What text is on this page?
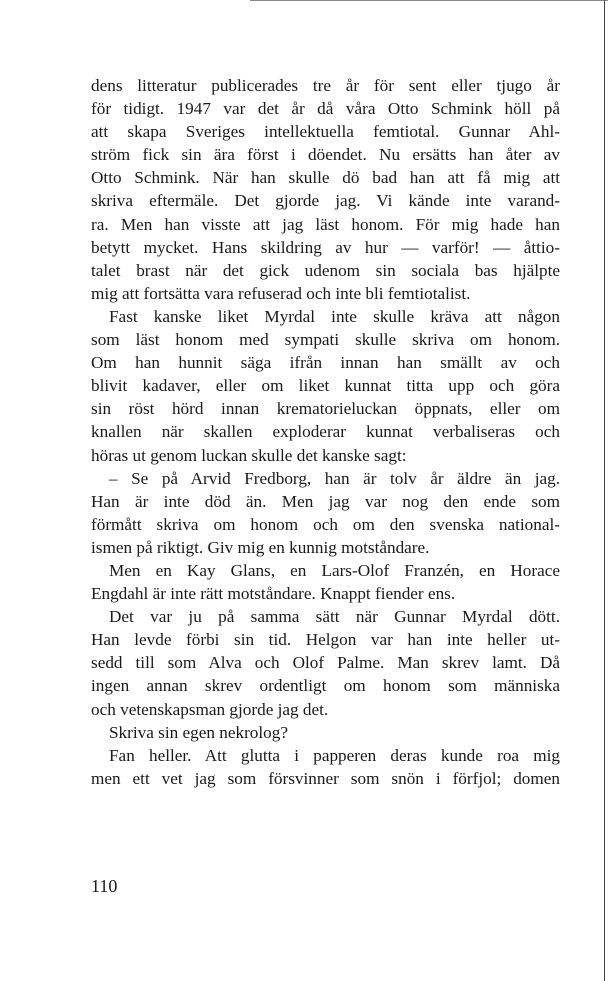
dens litteratur publicerades tre år för sent eller tjugo år
för tidigt. 1947 var det år då våra Otto Schmink höll på
att skapa Sveriges intellektuella femtiotal. Gunnar Ahl-
ström fick sin ära först i döendet. Nu ersätts han åter av
Otto Schmink. När han skulle dö bad han att få mig att
skriva eftermäle. Det gjorde jag. Vi kände inte varand-
ra. Men han visste att jag läst honom. För mig hade han
betytt mycket. Hans skildring av hur — varför! — åttio-
talet brast när det gick udenom sin sociala bas hjälpte
mig att fortsätta vara refuserad och inte bli femtiotalist.
Fast kanske liket Myrdal inte skulle kräva att någon
som läst honom med sympati skulle skriva om honom.
Om han hunnit säga ifrån innan han smällt av och
blivit kadaver, eller om liket kunnat titta upp och göra
sin röst hörd innan krematorieluckan öppnats, eller om
knallen när skallen exploderar kunnat verbaliseras och
höras ut genom luckan skulle det kanske sagt:
– Se på Arvid Fredborg, han är tolv år äldre än jag.
Han är inte död än. Men jag var nog den ende som
förmått skriva om honom och om den svenska national-
ismen på riktigt. Giv mig en kunnig motståndare.
Men en Kay Glans, en Lars-Olof Franzén, en Horace
Engdahl är inte rätt motståndare. Knappt fiender ens.
Det var ju på samma sätt när Gunnar Myrdal dött.
Han levde förbi sin tid. Helgon var han inte heller ut-
sedd till som Alva och Olof Palme. Man skrev lamt. Då
ingen annan skrev ordentligt om honom som människa
och vetenskapsman gjorde jag det.
Skriva sin egen nekrolog?
Fan heller. Att glutta i papperen deras kunde roa mig
men ett vet jag som försvinner som snön i förfjol; domen
110
